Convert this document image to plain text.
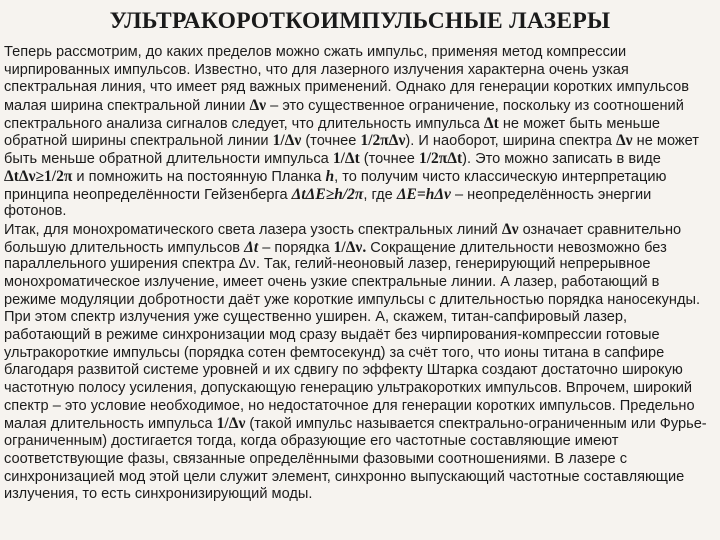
УЛЬТРАКОРОТКОИМПУЛЬСНЫЕ ЛАЗЕРЫ
Теперь рассмотрим, до каких пределов можно сжать импульс, применяя метод компрессии
чирпированных импульсов. Известно, что для лазерного излучения характерна очень узкая
спектральная линия, что имеет ряд важных применений. Однако для генерации коротких импульсов
малая ширина спектральной линии Δν – это существенное ограничение, поскольку из соотношений
спектрального анализа сигналов следует, что длительность импульса Δt не может быть меньше
обратной ширины спектральной линии 1/Δν (точнее 1/2πΔν). И наоборот, ширина спектра Δν не может
быть меньше обратной длительности импульса 1/Δt (точнее 1/2πΔt). Это можно записать в виде
ΔtΔν≥1/2π и помножить на постоянную Планка h, то получим чисто классическую интерпретацию
принципа неопределённости Гейзенберга ΔtΔE≥h/2π, где ΔE=hΔν – неопределённость энергии
фотонов.
Итак, для монохроматического света лазера узость спектральных линий Δν означает сравнительно
большую длительность импульсов Δt – порядка 1/Δν. Сокращение длительности невозможно без
параллельного уширения спектра Δν. Так, гелий-неоновый лазер, генерирующий непрерывное
монохроматическое излучение, имеет очень узкие спектральные линии. А лазер, работающий в
режиме модуляции добротности даёт уже короткие импульсы с длительностью порядка наносекунды.
При этом спектр излучения уже существенно уширен. А, скажем, титан-сапфировый лазер,
работающий в режиме синхронизации мод сразу выдаёт без чирпирования-компрессии готовые
ультракороткие импульсы (порядка сотен фемтосекунд) за счёт того, что ионы титана в сапфире
благодаря развитой системе уровней и их сдвигу по эффекту Штарка создают достаточно широкую
частотную полосу усиления, допускающую генерацию ультракоротких импульсов. Впрочем, широкий
спектр – это условие необходимое, но недостаточное для генерации коротких импульсов. Предельно
малая длительность импульса 1/Δν (такой импульс называется спектрально-ограниченным или Фурье-
ограниченным) достигается тогда, когда образующие его частотные составляющие имеют
соответствующие фазы, связанные определёнными фазовыми соотношениями. В лазере с
синхронизацией мод этой цели служит элемент, синхронно выпускающий частотные составляющие
излучения, то есть синхронизирующий моды.
